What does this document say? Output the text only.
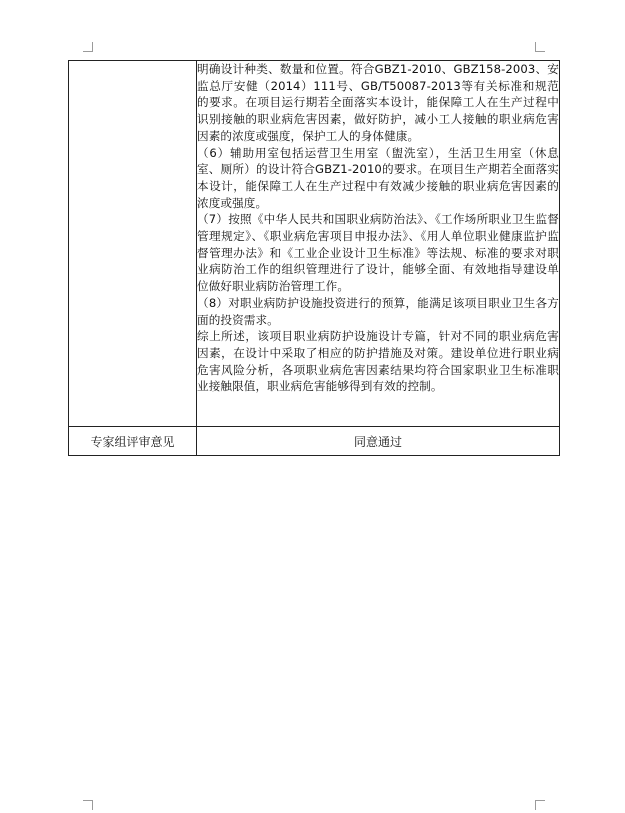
	明确设计种类、数量和位置。符合GBZ1-2010、GBZ158-2003、安监总厅安健（2014）111号、GB/T50087-2013等有关标准和规范的要求。在项目运行期若全面落实本设计，能保障工人在生产过程中识别接触的职业病危害因素，做好防护，减小工人接触的职业病危害因素的浓度或强度，保护工人的身体健康。

（6）辅助用室包括运营卫生用室（盥洗室），生活卫生用室（休息室、厕所）的设计符合GBZ1-2010的要求。在项目生产期若全面落实本设计，能保障工人在生产过程中有效减少接触的职业病危害因素的浓度或强度。

（7）按照《中华人民共和国职业病防治法》、《工作场所职业卫生监督管理规定》、《职业病危害项目申报办法》、《用人单位职业健康监护监督管理办法》和《工业企业设计卫生标准》等法规、标准的要求对职业病防治工作的组织管理进行了设计，能够全面、有效地指导建设单位做好职业病防治管理工作。

（8）对职业病防护设施投资进行的预算，能满足该项目职业卫生各方面的投资需求。

综上所述，该项目职业病防护设施设计专篇，针对不同的职业病危害因素，在设计中采取了相应的防护措施及对策。建设单位进行职业病危害风险分析，各项职业病危害因素结果均符合国家职业卫生标准职业接触限值，职业病危害能够得到有效的控制。

专家组评审意见	同意通过
